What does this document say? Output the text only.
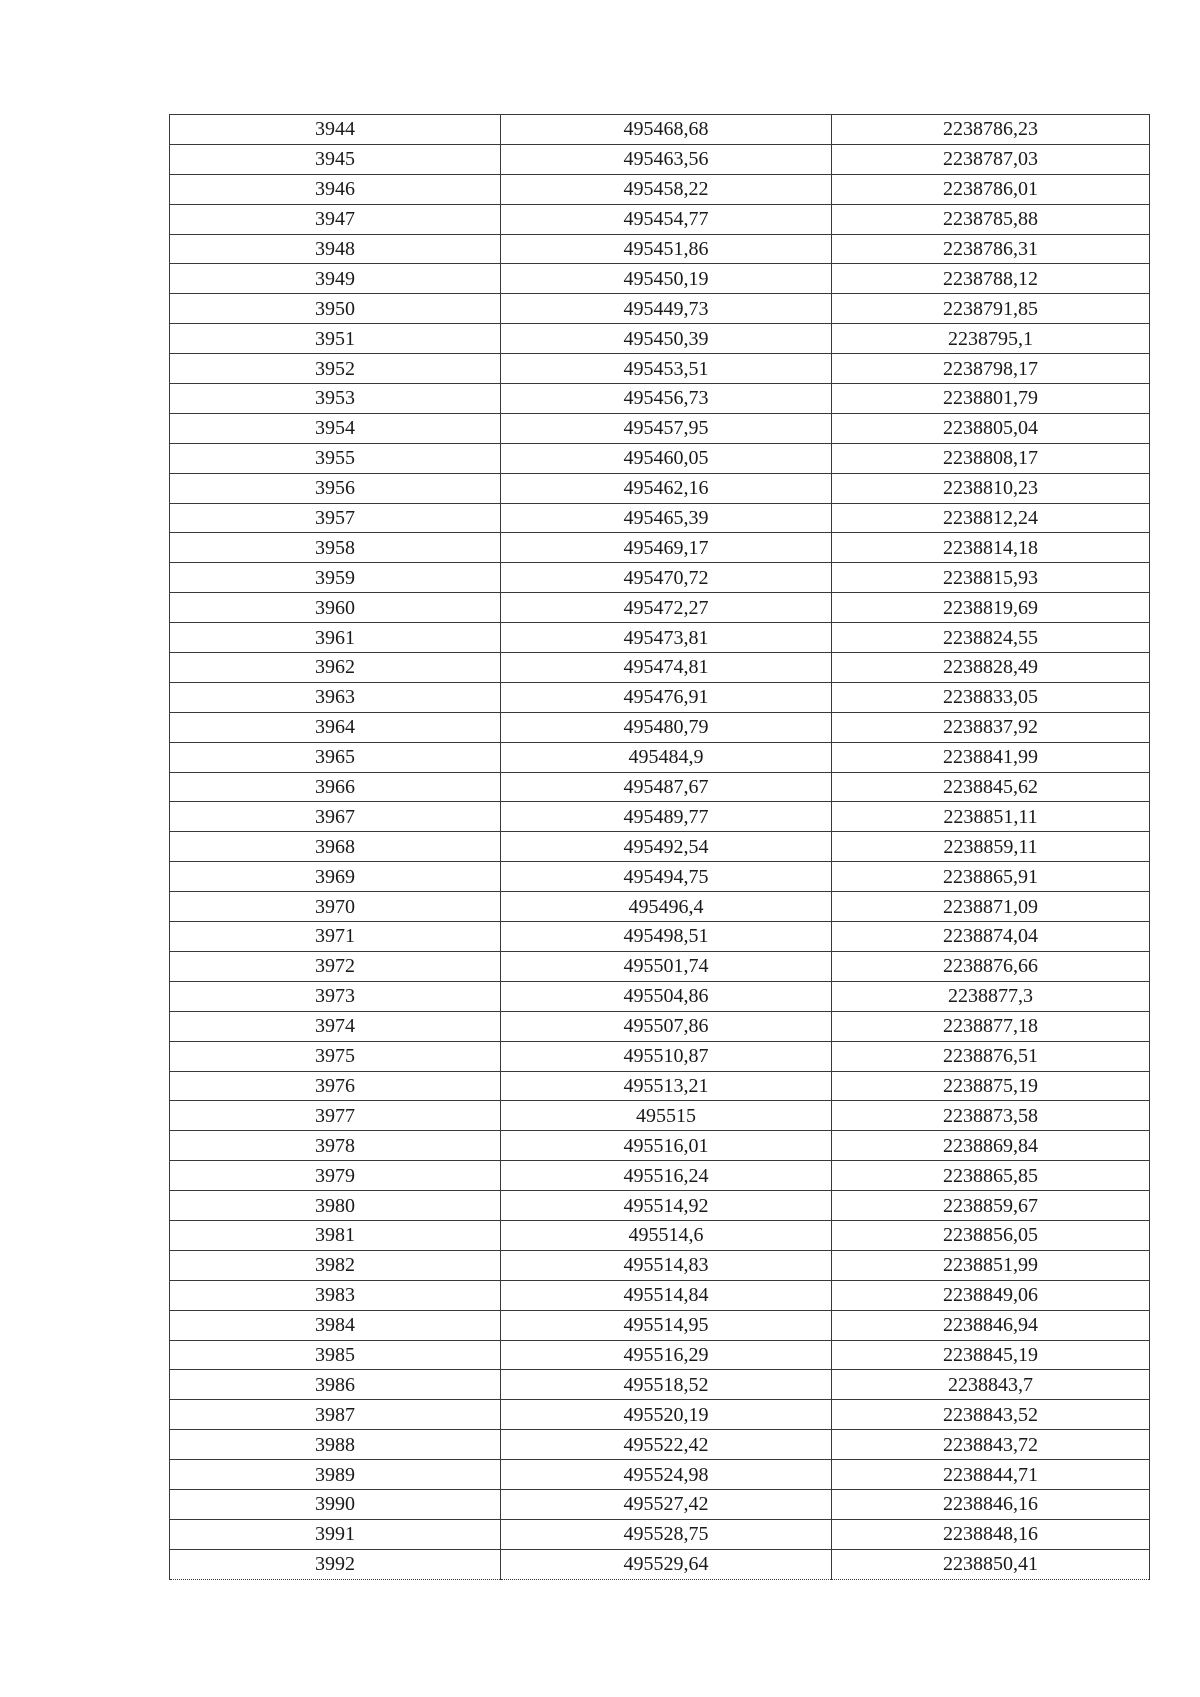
3944	495468,68	2238786,23
3945	495463,56	2238787,03
3946	495458,22	2238786,01
3947	495454,77	2238785,88
3948	495451,86	2238786,31
3949	495450,19	2238788,12
3950	495449,73	2238791,85
3951	495450,39	2238795,1
3952	495453,51	2238798,17
3953	495456,73	2238801,79
3954	495457,95	2238805,04
3955	495460,05	2238808,17
3956	495462,16	2238810,23
3957	495465,39	2238812,24
3958	495469,17	2238814,18
3959	495470,72	2238815,93
3960	495472,27	2238819,69
3961	495473,81	2238824,55
3962	495474,81	2238828,49
3963	495476,91	2238833,05
3964	495480,79	2238837,92
3965	495484,9	2238841,99
3966	495487,67	2238845,62
3967	495489,77	2238851,11
3968	495492,54	2238859,11
3969	495494,75	2238865,91
3970	495496,4	2238871,09
3971	495498,51	2238874,04
3972	495501,74	2238876,66
3973	495504,86	2238877,3
3974	495507,86	2238877,18
3975	495510,87	2238876,51
3976	495513,21	2238875,19
3977	495515	2238873,58
3978	495516,01	2238869,84
3979	495516,24	2238865,85
3980	495514,92	2238859,67
3981	495514,6	2238856,05
3982	495514,83	2238851,99
3983	495514,84	2238849,06
3984	495514,95	2238846,94
3985	495516,29	2238845,19
3986	495518,52	2238843,7
3987	495520,19	2238843,52
3988	495522,42	2238843,72
3989	495524,98	2238844,71
3990	495527,42	2238846,16
3991	495528,75	2238848,16
3992	495529,64	2238850,41
